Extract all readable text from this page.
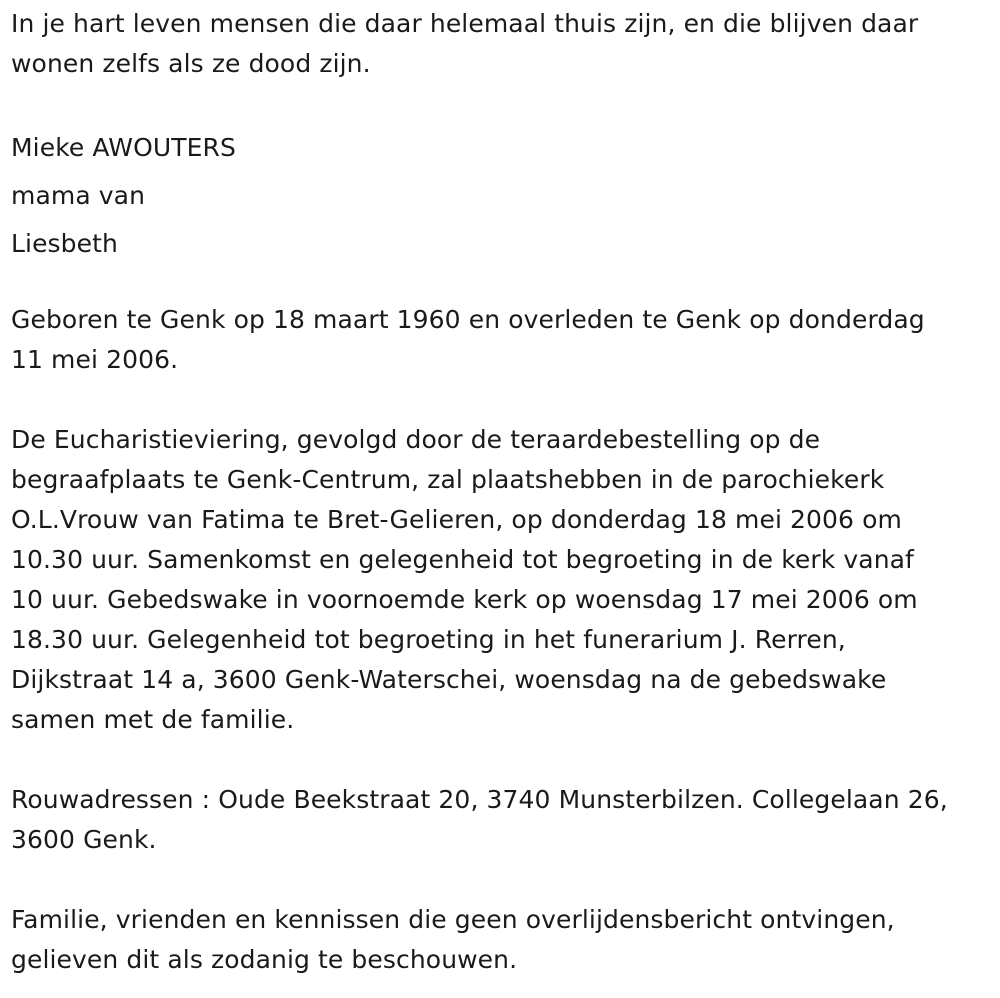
In je hart leven mensen die daar helemaal thuis zijn, en die blijven daar
wonen zelfs als ze dood zijn.

Mieke AWOUTERS
mama van
Liesbeth

Geboren te Genk op 18 maart 1960 en overleden te Genk op donderdag
11 mei 2006.

De Eucharistieviering, gevolgd door de teraardebestelling op de
begraafplaats te Genk-Centrum, zal plaatshebben in de parochiekerk
O.L.Vrouw van Fatima te Bret-Gelieren, op donderdag 18 mei 2006 om
10.30 uur. Samenkomst en gelegenheid tot begroeting in de kerk vanaf
10 uur. Gebedswake in voornoemde kerk op woensdag 17 mei 2006 om
18.30 uur. Gelegenheid tot begroeting in het funerarium J. Rerren,
Dijkstraat 14 a, 3600 Genk-Waterschei, woensdag na de gebedswake
samen met de familie.

Rouwadressen : Oude Beekstraat 20, 3740 Munsterbilzen. Collegelaan 26,
3600 Genk.

Familie, vrienden en kennissen die geen overlijdensbericht ontvingen,
gelieven dit als zodanig te beschouwen.
